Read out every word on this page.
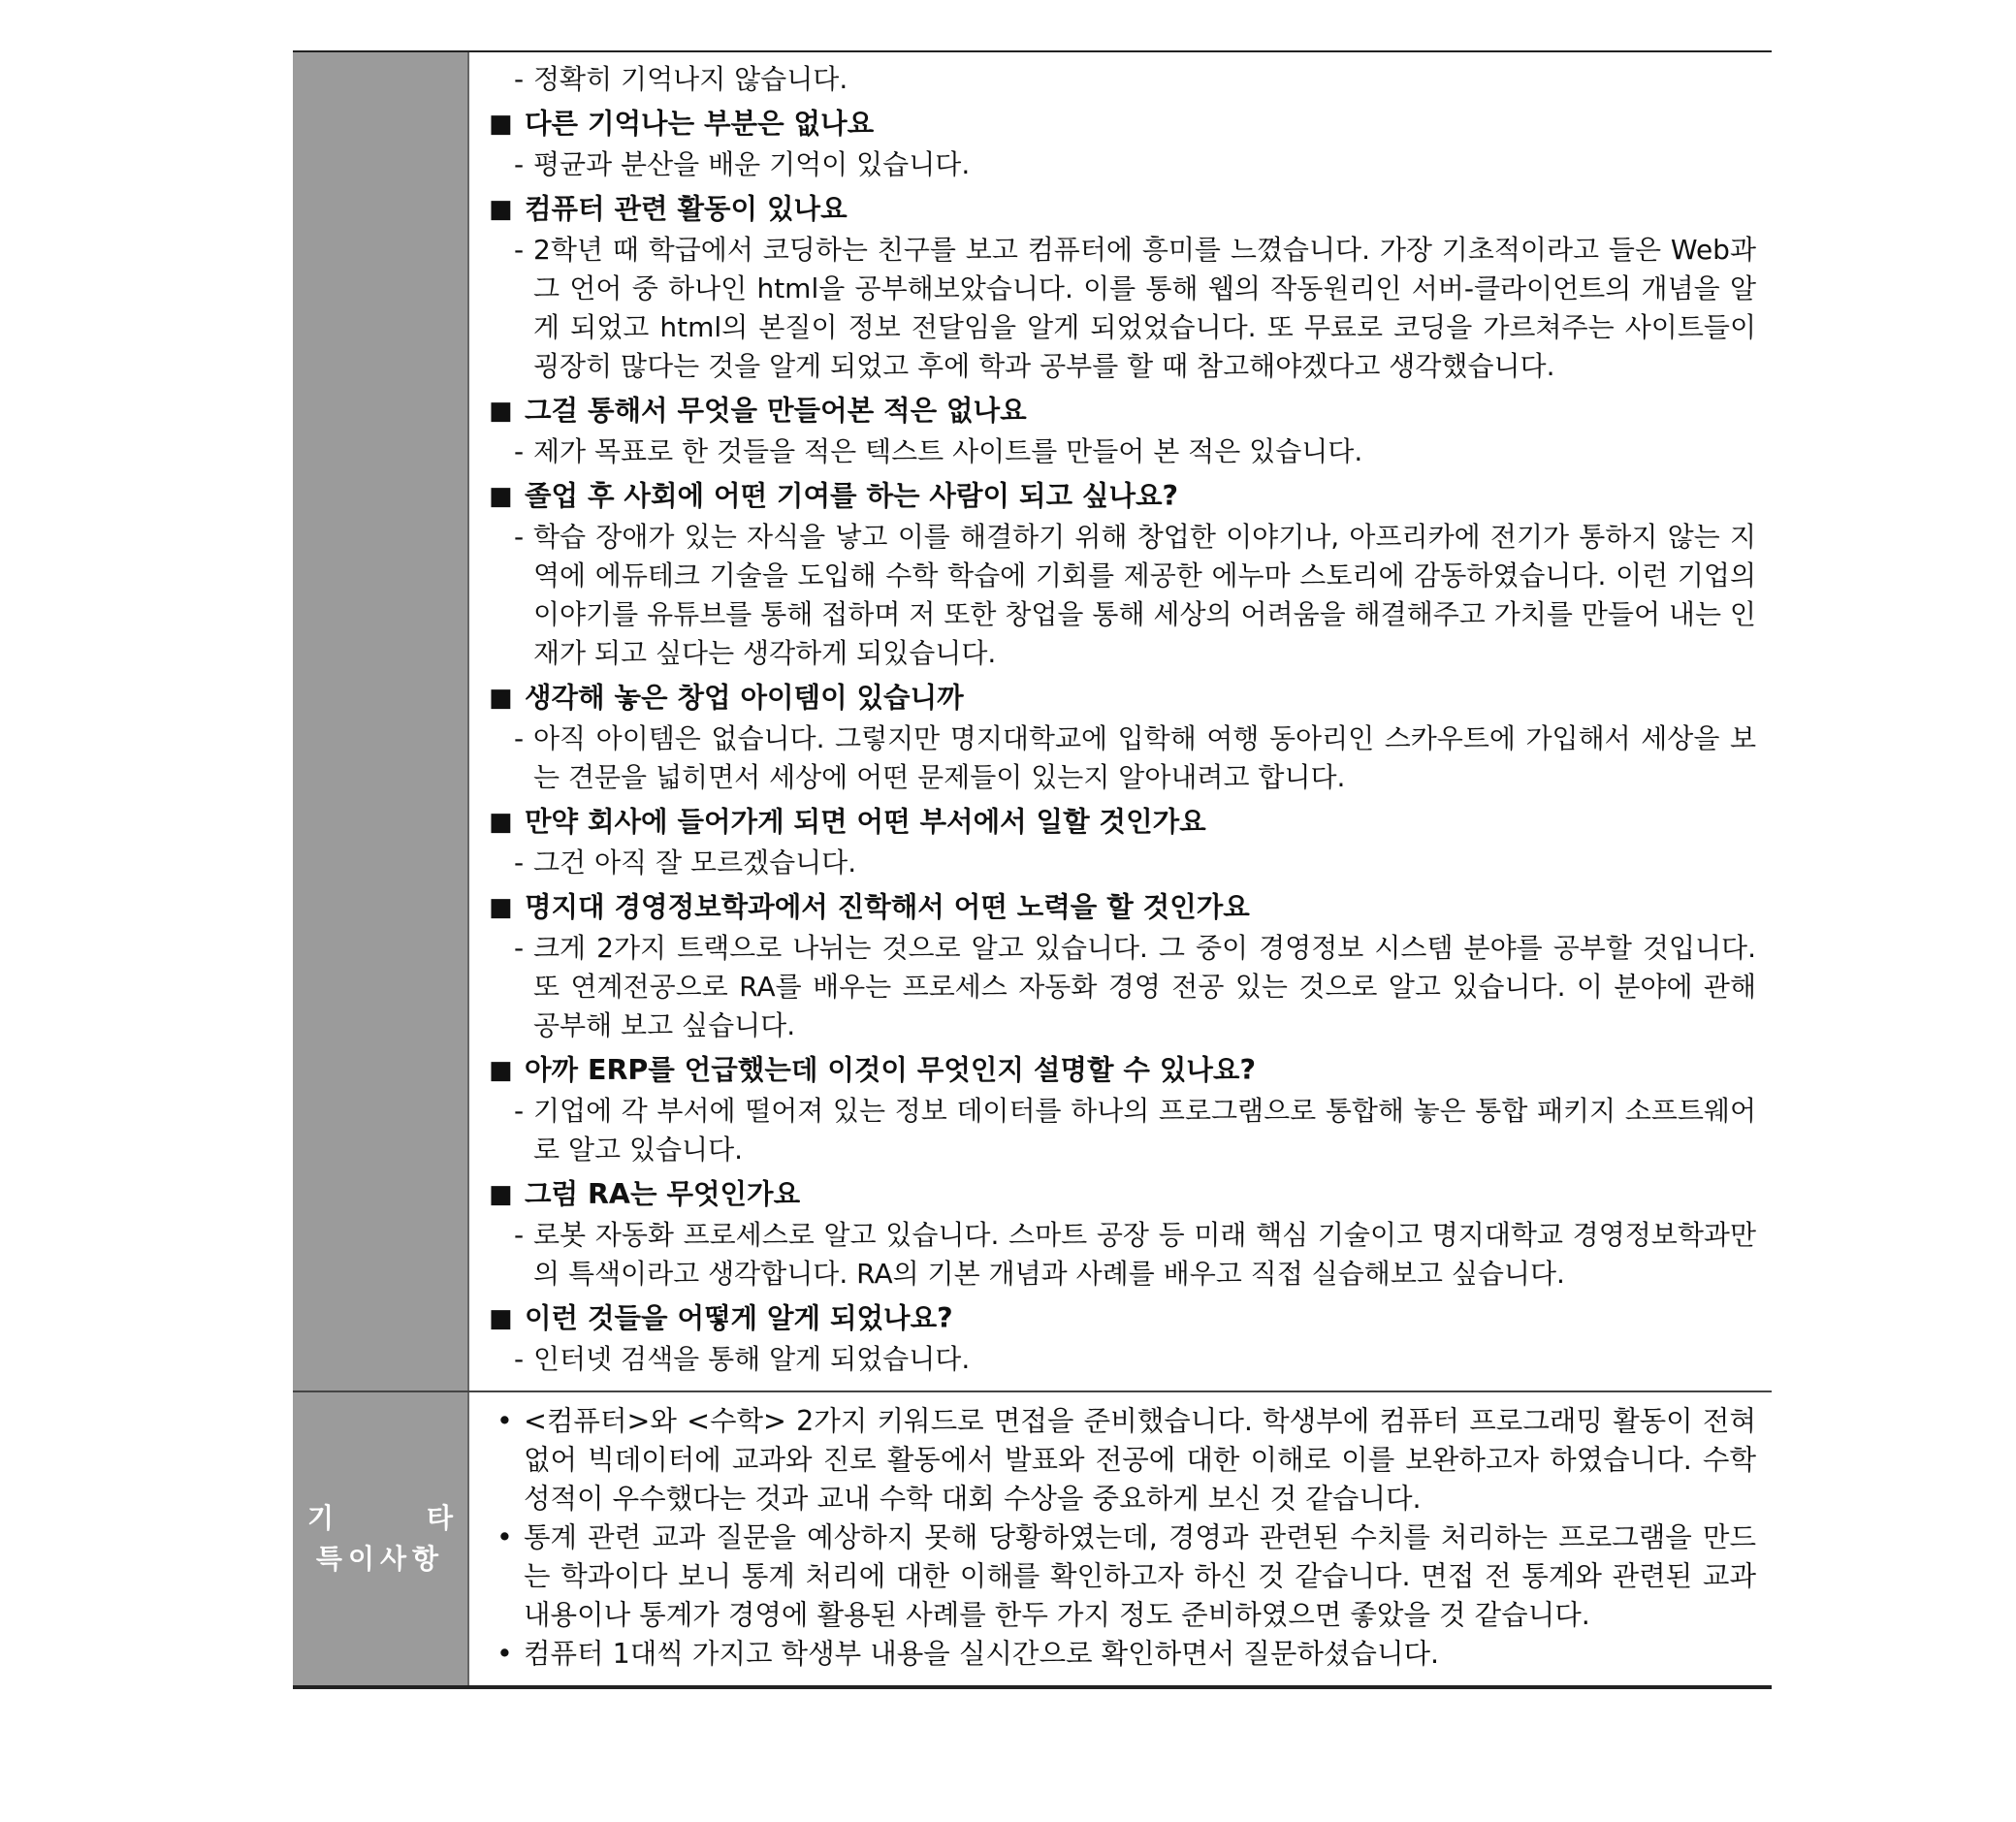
- 정확히 기억나지 않습니다.
■ 다른 기억나는 부분은 없나요
- 평균과 분산을 배운 기억이 있습니다.
■ 컴퓨터 관련 활동이 있나요
- 2학년 때 학급에서 코딩하는 친구를 보고 컴퓨터에 흥미를 느꼈습니다. 가장 기초적이라고 들은 Web과 그 언어 중 하나인 html을 공부해보았습니다. 이를 통해 웹의 작동원리인 서버-클라이언트의 개념을 알게 되었고 html의 본질이 정보 전달임을 알게 되었었습니다. 또 무료로 코딩을 가르쳐주는 사이트들이 굉장히 많다는 것을 알게 되었고 후에 학과 공부를 할 때 참고해야겠다고 생각했습니다.
■ 그걸 통해서 무엇을 만들어본 적은 없나요
- 제가 목표로 한 것들을 적은 텍스트 사이트를 만들어 본 적은 있습니다.
■ 졸업 후 사회에 어떤 기여를 하는 사람이 되고 싶나요?
- 학습 장애가 있는 자식을 낳고 이를 해결하기 위해 창업한 이야기나, 아프리카에 전기가 통하지 않는 지역에 에듀테크 기술을 도입해 수학 학습에 기회를 제공한 에누마 스토리에 감동하였습니다. 이런 기업의 이야기를 유튜브를 통해 접하며 저 또한 창업을 통해 세상의 어려움을 해결해주고 가치를 만들어 내는 인재가 되고 싶다는 생각하게 되있습니다.
■ 생각해 놓은 창업 아이템이 있습니까
- 아직 아이템은 없습니다. 그렇지만 명지대학교에 입학해 여행 동아리인 스카우트에 가입해서 세상을 보는 견문을 넓히면서 세상에 어떤 문제들이 있는지 알아내려고 합니다.
■ 만약 회사에 들어가게 되면 어떤 부서에서 일할 것인가요
- 그건 아직 잘 모르겠습니다.
■ 명지대 경영정보학과에서 진학해서 어떤 노력을 할 것인가요
- 크게 2가지 트랙으로 나뉘는 것으로 알고 있습니다. 그 중이 경영정보 시스템 분야를 공부할 것입니다. 또 연계전공으로 RA를 배우는 프로세스 자동화 경영 전공 있는 것으로 알고 있습니다. 이 분야에 관해 공부해 보고 싶습니다.
■ 아까 ERP를 언급했는데 이것이 무엇인지 설명할 수 있나요?
- 기업에 각 부서에 떨어져 있는 정보 데이터를 하나의 프로그램으로 통합해 놓은 통합 패키지 소프트웨어로 알고 있습니다.
■ 그럼 RA는 무엇인가요
- 로봇 자동화 프로세스로 알고 있습니다. 스마트 공장 등 미래 핵심 기술이고 명지대학교 경영정보학과만의 특색이라고 생각합니다. RA의 기본 개념과 사례를 배우고 직접 실습해보고 싶습니다.
■ 이런 것들을 어떻게 알게 되었나요?
- 인터넷 검색을 통해 알게 되었습니다.
기	타
특이사항
• <컴퓨터>와 <수학> 2가지 키워드로 면접을 준비했습니다. 학생부에 컴퓨터 프로그래밍 활동이 전혀 없어 빅데이터에 교과와 진로 활동에서 발표와 전공에 대한 이해로 이를 보완하고자 하였습니다. 수학 성적이 우수했다는 것과 교내 수학 대회 수상을 중요하게 보신 것 같습니다.
• 통계 관련 교과 질문을 예상하지 못해 당황하였는데, 경영과 관련된 수치를 처리하는 프로그램을 만드는 학과이다 보니 통계 처리에 대한 이해를 확인하고자 하신 것 같습니다. 면접 전 통계와 관련된 교과 내용이나 통계가 경영에 활용된 사례를 한두 가지 정도 준비하였으면 좋았을 것 같습니다.
• 컴퓨터 1대씩 가지고 학생부 내용을 실시간으로 확인하면서 질문하셨습니다.
